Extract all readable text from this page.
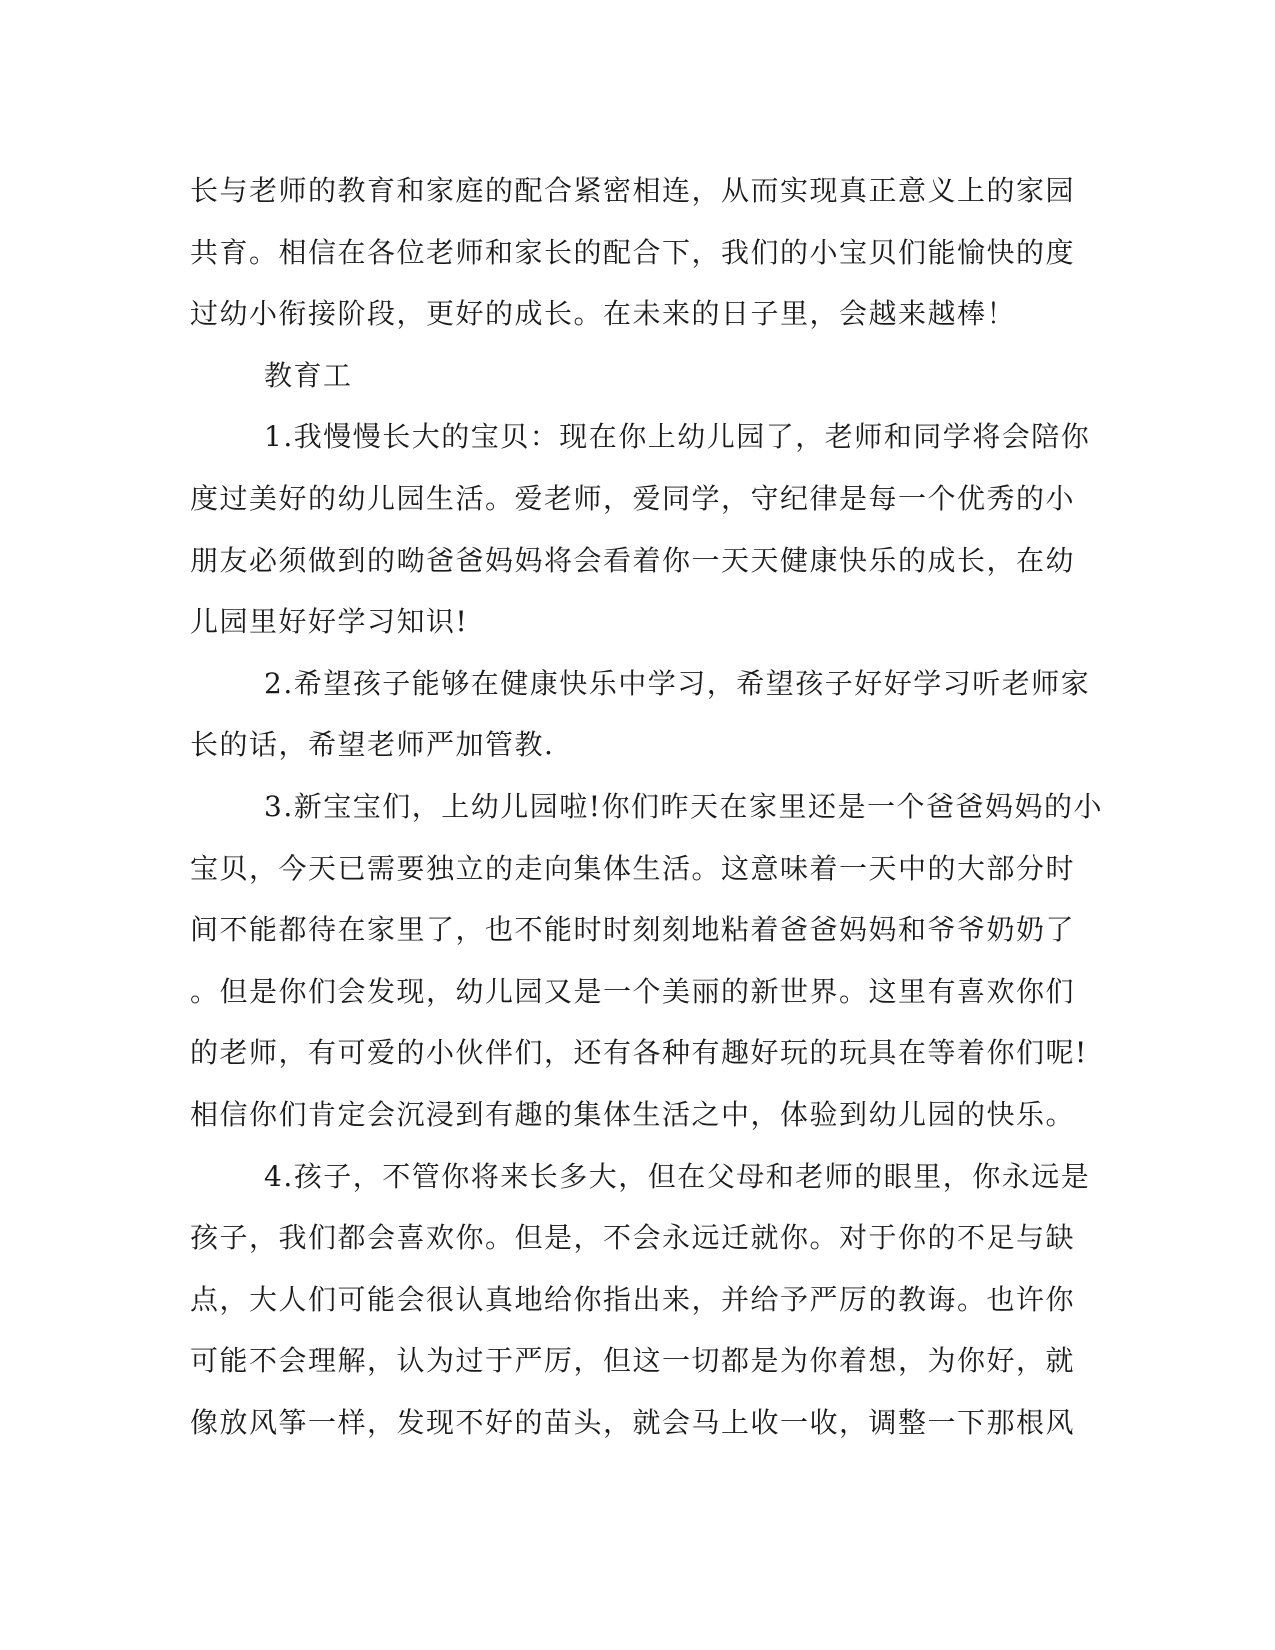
长与老师的教育和家庭的配合紧密相连，从而实现真正意义上的家园
共育。相信在各位老师和家长的配合下，我们的小宝贝们能愉快的度
过幼小衔接阶段，更好的成长。在未来的日子里，会越来越棒！
教育工
1.我慢慢长大的宝贝：现在你上幼儿园了，老师和同学将会陪你
度过美好的幼儿园生活。爱老师，爱同学，守纪律是每一个优秀的小
朋友必须做到的呦爸爸妈妈将会看着你一天天健康快乐的成长，在幼
儿园里好好学习知识!
2.希望孩子能够在健康快乐中学习，希望孩子好好学习听老师家
长的话，希望老师严加管教.
3.新宝宝们，上幼儿园啦!你们昨天在家里还是一个爸爸妈妈的小
宝贝，今天已需要独立的走向集体生活。这意味着一天中的大部分时
间不能都待在家里了，也不能时时刻刻地粘着爸爸妈妈和爷爷奶奶了
。但是你们会发现，幼儿园又是一个美丽的新世界。这里有喜欢你们
的老师，有可爱的小伙伴们，还有各种有趣好玩的玩具在等着你们呢!
相信你们肯定会沉浸到有趣的集体生活之中，体验到幼儿园的快乐。
4.孩子，不管你将来长多大，但在父母和老师的眼里，你永远是
孩子，我们都会喜欢你。但是，不会永远迁就你。对于你的不足与缺
点，大人们可能会很认真地给你指出来，并给予严厉的教诲。也许你
可能不会理解，认为过于严厉，但这一切都是为你着想，为你好，就
像放风筝一样，发现不好的苗头，就会马上收一收，调整一下那根风
